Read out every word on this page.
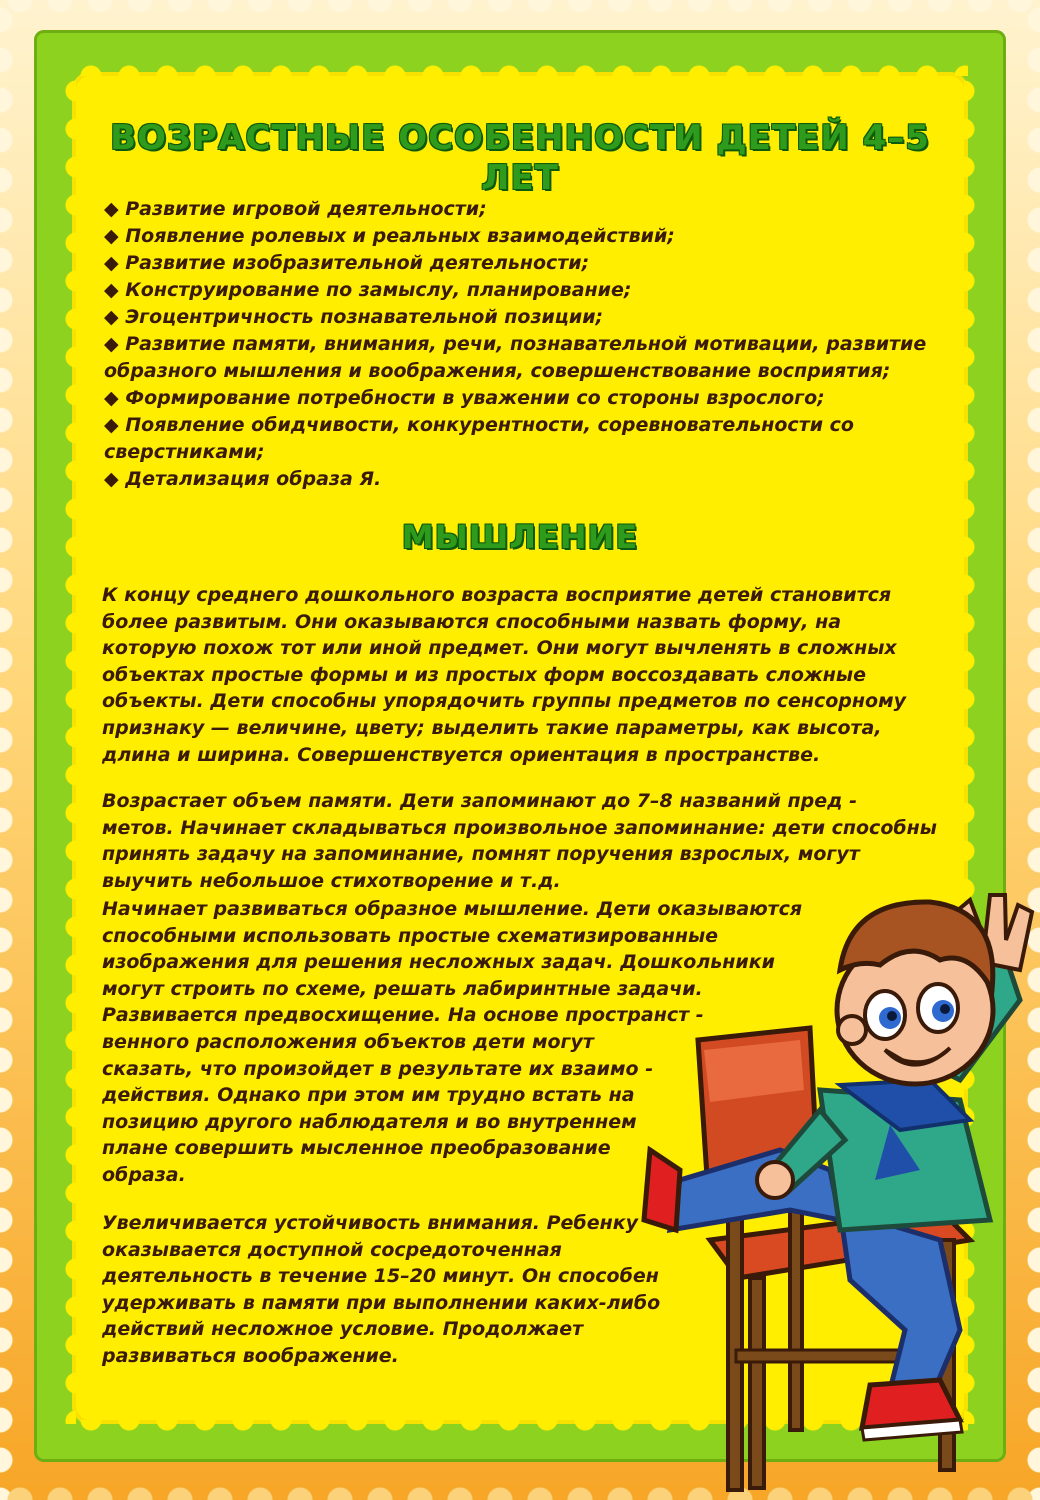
ВОЗРАСТНЫЕ ОСОБЕННОСТИ ДЕТЕЙ 4–5 ЛЕТ
◆ Развитие игровой деятельности;
◆ Появление ролевых и реальных взаимодействий;
◆ Развитие изобразительной деятельности;
◆ Конструирование по замыслу, планирование;
◆ Эгоцентричность познавательной позиции;
◆ Развитие памяти, внимания, речи, познавательной мотивации, развитие образного мышления и воображения, совершенствование восприятия;
◆ Формирование потребности в уважении со стороны взрослого;
◆ Появление обидчивости, конкурентности, соревновательности со сверстниками;
◆ Детализация образа Я.
МЫШЛЕНИЕ
К концу среднего дошкольного возраста восприятие детей становится
более развитым. Они оказываются способными назвать форму, на
которую похож тот или иной предмет. Они могут вычленять в сложных
объектах простые формы и из простых форм воссоздавать сложные
объекты. Дети способны упорядочить группы предметов по сенсорному
признаку — величине, цвету; выделить такие параметры, как высота,
длина и ширина. Совершенствуется ориентация в пространстве.
Возрастает объем памяти. Дети запоминают до 7–8 названий пред -
метов. Начинает складываться произвольное запоминание: дети способны
принять задачу на запоминание, помнят поручения взрослых, могут
выучить небольшое стихотворение и т.д.
Начинает развиваться образное мышление. Дети оказываются
способными использовать простые схематизированные
изображения для решения несложных задач. Дошкольники
могут строить по схеме, решать лабиринтные задачи.
Развивается предвосхищение. На основе пространст -
венного расположения объектов дети могут
сказать, что произойдет в результате их взаимо -
действия. Однако при этом им трудно встать на
позицию другого наблюдателя и во внутреннем
плане совершить мысленное преобразование
образа.
Увеличивается устойчивость внимания. Ребенку
оказывается доступной сосредоточенная
деятельность в течение 15–20 минут. Он способен
удерживать в памяти при выполнении каких-либо
действий несложное условие. Продолжает
развиваться воображение.
